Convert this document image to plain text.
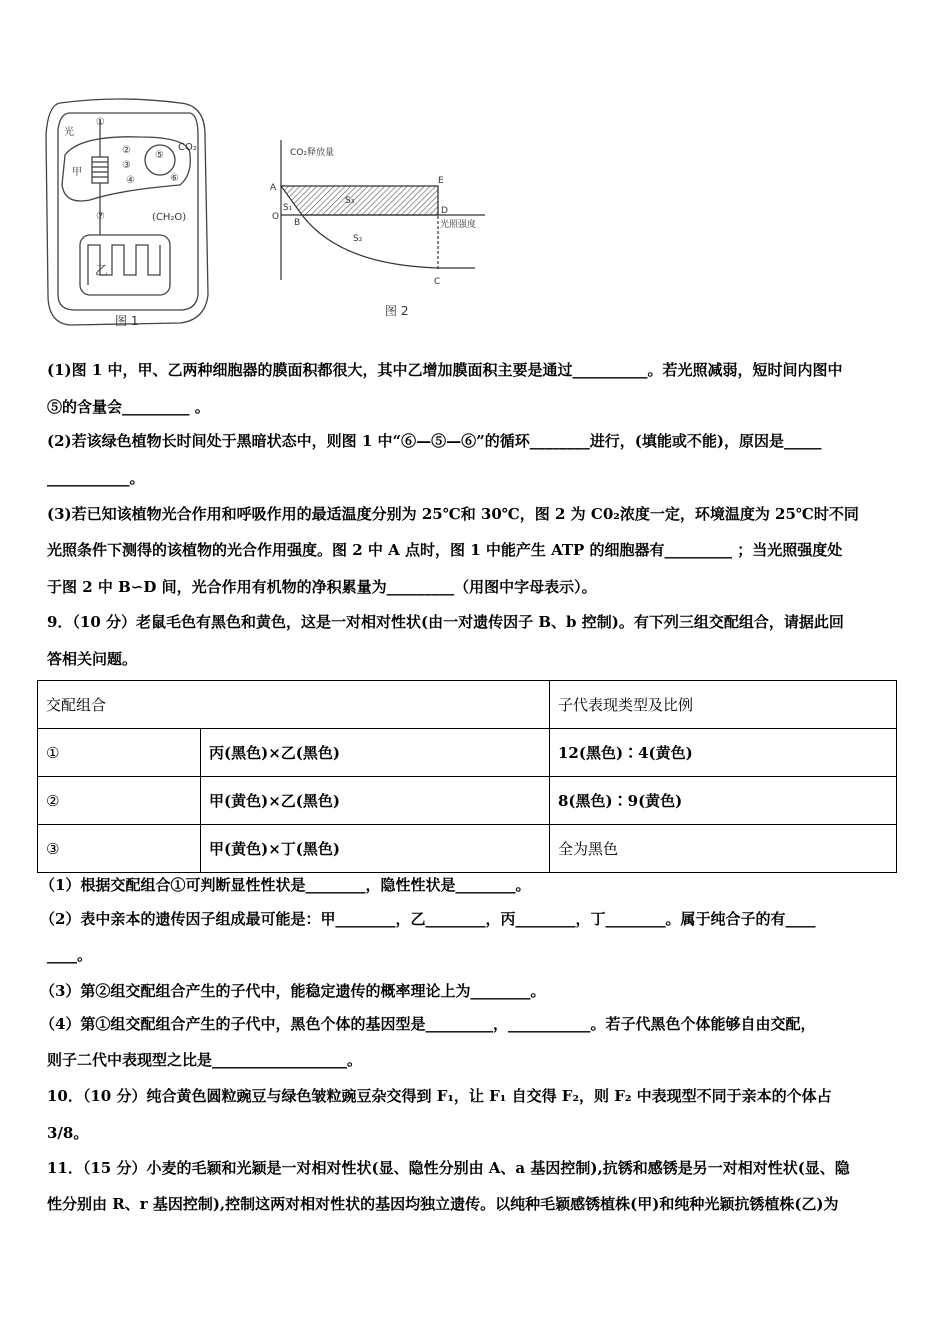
光
甲
乙
CO₂
(CH₂O)
①
②
③
④
⑤
⑥
⑦
图 1
CO₂释放量
光照强度
A
O
B
C
D
E
S₁
S₂
S₃
图 2
(1)图 1 中，甲、乙两种细胞器的膜面积都很大，其中乙增加膜面积主要是通过__________。若光照减弱，短时间内图中
⑤的含量会_________ 。
(2)若该绿色植物长时间处于黑暗状态中，则图 1 中“⑥—⑤—⑥”的循环________进行，(填能或不能)，原因是_____
___________。
(3)若已知该植物光合作用和呼吸作用的最适温度分别为 25℃和 30℃，图 2 为 C0₂浓度一定，环境温度为 25℃时不同
光照条件下测得的该植物的光合作用强度。图 2 中 A 点时，图 1 中能产生 ATP 的细胞器有_________ ；当光照强度处
于图 2 中 B∽D 间，光合作用有机物的净积累量为_________（用图中字母表示）。
9．（10 分）老鼠毛色有黑色和黄色，这是一对相对性状(由一对遗传因子 B、b 控制)。有下列三组交配组合，请据此回
答相关问题。
交配组合		子代表现类型及比例
①	丙(黑色)×乙(黑色)	12(黑色)∶4(黄色)
②	甲(黄色)×乙(黑色)	8(黑色)∶9(黄色)
③	甲(黄色)×丁(黑色)	全为黑色
（1）根据交配组合①可判断显性性状是________，隐性性状是________。
（2）表中亲本的遗传因子组成最可能是：甲________，乙________，丙________，丁________。属于纯合子的有____
____。
（3）第②组交配组合产生的子代中，能稳定遗传的概率理论上为________。
（4）第①组交配组合产生的子代中，黑色个体的基因型是_________，___________。若子代黑色个体能够自由交配，
则子二代中表现型之比是__________________。
10．（10 分）纯合黄色圆粒豌豆与绿色皱粒豌豆杂交得到 F₁，让 F₁ 自交得 F₂，则 F₂ 中表现型不同于亲本的个体占
3/8。
11．（15 分）小麦的毛颖和光颖是一对相对性状(显、隐性分别由 A、a 基因控制),抗锈和感锈是另一对相对性状(显、隐
性分别由 R、r 基因控制),控制这两对相对性状的基因均独立遗传。以纯种毛颖感锈植株(甲)和纯种光颖抗锈植株(乙)为
